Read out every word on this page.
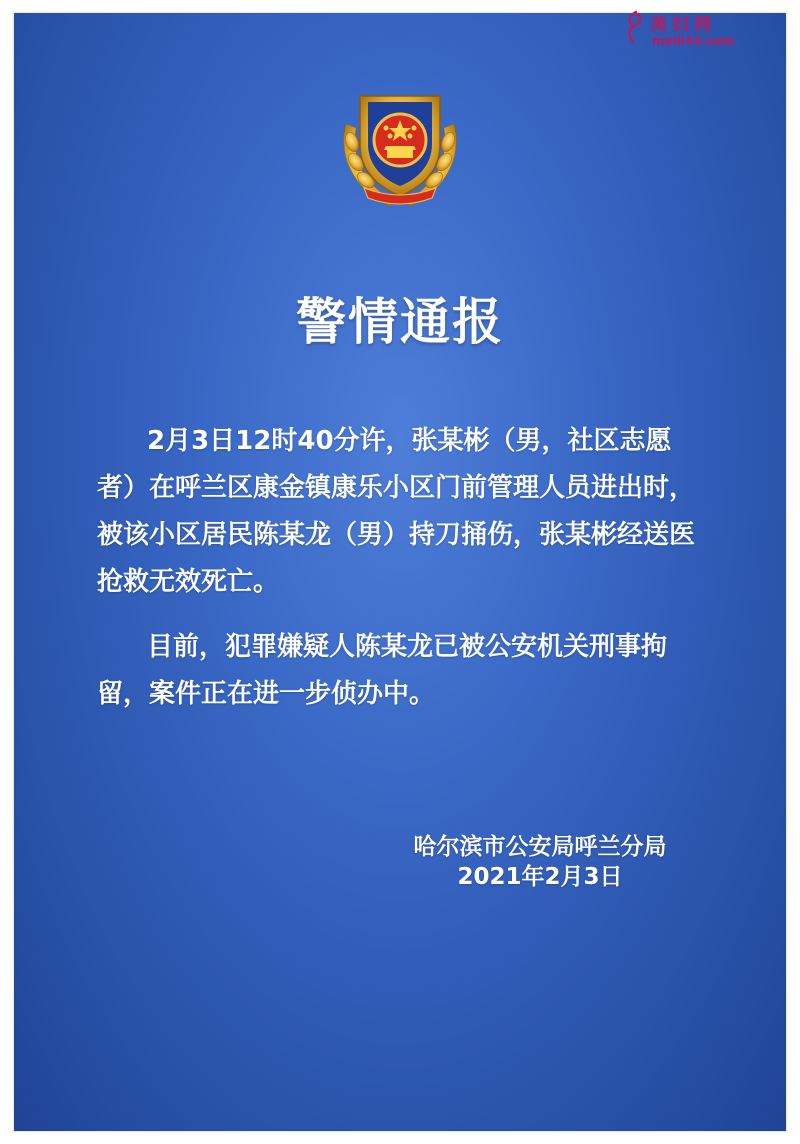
警情通报
2月3日12时40分许，张某彬（男，社区志愿者）在呼兰区康金镇康乐小区门前管理人员进出时，被该小区居民陈某龙（男）持刀捅伤，张某彬经送医抢救无效死亡。
目前，犯罪嫌疑人陈某龙已被公安机关刑事拘留，案件正在进一步侦办中。
哈尔滨市公安局呼兰分局
2021年2月3日
美妇网
meili43.com
